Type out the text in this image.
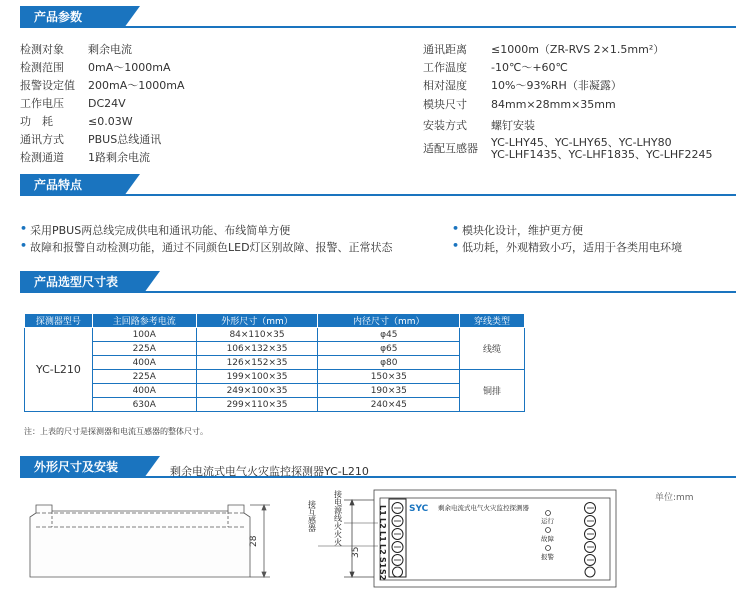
产品参数
检测对象 剩余电流
检测范围 0mA～1000mA
报警设定值 200mA～1000mA
工作电压 DC24V
功　耗	≤0.03W
通讯方式 PBUS总线通讯
检测通道 1路剩余电流
通讯距离 ≤1000m（ZR-RVS 2×1.5mm²）
工作温度 -10℃～+60℃
相对湿度 10%～93%RH（非凝露）
模块尺寸 84mm×28mm×35mm
安装方式 螺钉安装
适配互感器 YC-LHY45、YC-LHY65、YC-LHY80
YC-LHF1435、YC-LHF1835、YC-LHF2245
产品特点
• 采用PBUS两总线完成供电和通讯功能、布线简单方便
• 故障和报警自动检测功能，通过不同颜色LED灯区别故障、报警、正常状态
• 模块化设计，维护更方便
• 低功耗，外观精致小巧，适用于各类用电环境
产品选型尺寸表
探测器型号	主回路参考电流	外形尺寸（mm）	内径尺寸（mm）	穿线类型
YC-L210	100A	84×110×35	φ45	线缆
	225A	106×132×35	φ65	
	400A	126×152×35	φ80	
	225A	199×100×35	150×35	铜排
	400A	249×100×35	190×35	
	630A	299×110×35	240×45	
注：上表的尺寸是探测器和电流互感器的整体尺寸。
外形尺寸及安装	剩余电流式电气火灾监控探测器YC-L210
单位:mm
28
35
L1
L2
L1
L2
S1
S2
SYC 剩余电流式电气火灾监控探测器
运行
故障
报警
接互感器 接电源线火火火
